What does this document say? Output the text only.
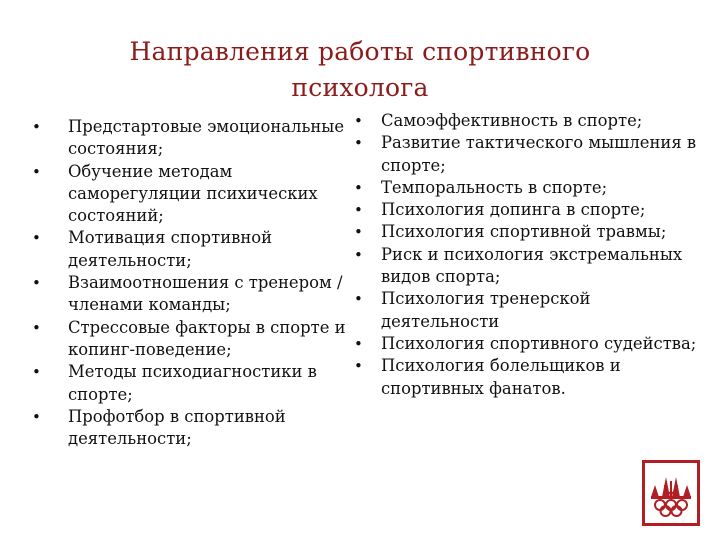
Направления работы спортивного психолога
• Предстартовые эмоциональные состояния;
• Обучение методам саморегуляции психических состояний;
• Мотивация спортивной деятельности;
• Взаимоотношения с тренером / членами команды;
• Стрессовые факторы в спорте и копинг-поведение;
• Методы психодиагностики в спорте;
• Профотбор в спортивной деятельности;
• Самоэффективность в спорте;
• Развитие тактического мышления в спорте;
• Темпоральность в спорте;
• Психология допинга в спорте;
• Психология спортивной травмы;
• Риск и психология экстремальных видов спорта;
• Психология тренерской деятельности
• Психология спортивного судейства;
• Психология болельщиков и спортивных фанатов.
